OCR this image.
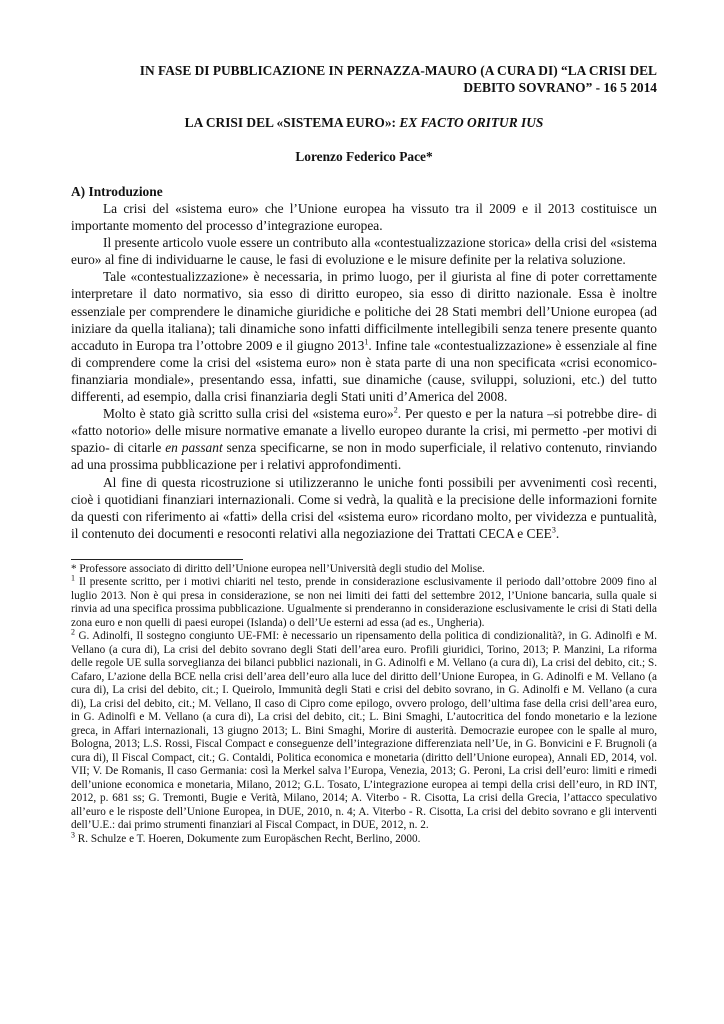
IN FASE DI PUBBLICAZIONE IN PERNAZZA-MAURO (A CURA DI) “LA CRISI DEL
DEBITO SOVRANO” - 16 5 2014

LA CRISI DEL «SISTEMA EURO»: EX FACTO ORITUR IUS

Lorenzo Federico Pace*

A) Introduzione

La crisi del «sistema euro» che l’Unione europea ha vissuto tra il 2009 e il 2013 costituisce un importante momento del processo d’integrazione europea.

Il presente articolo vuole essere un contributo alla «contestualizzazione storica» della crisi del «sistema euro» al fine di individuarne le cause, le fasi di evoluzione e le misure definite per la relativa soluzione.

Tale «contestualizzazione» è necessaria, in primo luogo, per il giurista al fine di poter correttamente interpretare il dato normativo, sia esso di diritto europeo, sia esso di diritto nazionale. Essa è inoltre essenziale per comprendere le dinamiche giuridiche e politiche dei 28 Stati membri dell’Unione europea (ad iniziare da quella italiana); tali dinamiche sono infatti difficilmente intellegibili senza tenere presente quanto accaduto in Europa tra l’ottobre 2009 e il giugno 2013$^1$. Infine tale «contestualizzazione» è essenziale al fine di comprendere come la crisi del «sistema euro» non è stata parte di una non specificata «crisi economico-finanziaria mondiale», presentando essa, infatti, sue dinamiche (cause, sviluppi, soluzioni, etc.) del tutto differenti, ad esempio, dalla crisi finanziaria degli Stati uniti d’America del 2008.

Molto è stato già scritto sulla crisi del «sistema euro»$^2$. Per questo e per la natura –si potrebbe dire- di «fatto notorio» delle misure normative emanate a livello europeo durante la crisi, mi permetto -per motivi di spazio- di citarle en passant senza specificarne, se non in modo superficiale, il relativo contenuto, rinviando ad una prossima pubblicazione per i relativi approfondimenti.

Al fine di questa ricostruzione si utilizzeranno le uniche fonti possibili per avvenimenti così recenti, cioè i quotidiani finanziari internazionali. Come si vedrà, la qualità e la precisione delle informazioni fornite da questi con riferimento ai «fatti» della crisi del «sistema euro» ricordano molto, per vividezza e puntualità, il contenuto dei documenti e resoconti relativi alla negoziazione dei Trattati CECA e CEE$^3$.

* Professore associato di diritto dell’Unione europea nell’Università degli studio del Molise.

$^1$ Il presente scritto, per i motivi chiariti nel testo, prende in considerazione esclusivamente il periodo dall’ottobre 2009 fino al luglio 2013. Non è qui presa in considerazione, se non nei limiti dei fatti del settembre 2012, l’Unione bancaria, sulla quale si rinvia ad una specifica prossima pubblicazione. Ugualmente si prenderanno in considerazione esclusivamente le crisi di Stati della zona euro e non quelli di paesi europei (Islanda) o dell’Ue esterni ad essa (ad es., Ungheria).

$^2$ G. Adinolfi, Il sostegno congiunto UE-FMI: è necessario un ripensamento della politica di condizionalità?, in G. Adinolfi e M. Vellano (a cura di), La crisi del debito sovrano degli Stati dell’area euro. Profili giuridici, Torino, 2013; P. Manzini, La riforma delle regole UE sulla sorveglianza dei bilanci pubblici nazionali, in G. Adinolfi e M. Vellano (a cura di), La crisi del debito, cit.; S. Cafaro, L’azione della BCE nella crisi dell’area dell’euro alla luce del diritto dell’Unione Europea, in G. Adinolfi e M. Vellano (a cura di), La crisi del debito, cit.; I. Queirolo, Immunità degli Stati e crisi del debito sovrano, in G. Adinolfi e M. Vellano (a cura di), La crisi del debito, cit.; M. Vellano, Il caso di Cipro come epilogo, ovvero prologo, dell’ultima fase della crisi dell’area euro, in G. Adinolfi e M. Vellano (a cura di), La crisi del debito, cit.; L. Bini Smaghi, L’autocritica del fondo monetario e la lezione greca, in Affari internazionali, 13 giugno 2013; L. Bini Smaghi, Morire di austerità. Democrazie europee con le spalle al muro, Bologna, 2013; L.S. Rossi, Fiscal Compact e conseguenze dell’integrazione differenziata nell’Ue, in G. Bonvicini e F. Brugnoli (a cura di), Il Fiscal Compact, cit.; G. Contaldi, Politica economica e monetaria (diritto dell’Unione europea), Annali ED, 2014, vol. VII; V. De Romanis, Il caso Germania: così la Merkel salva l’Europa, Venezia, 2013; G. Peroni, La crisi dell’euro: limiti e rimedi dell’unione economica e monetaria, Milano, 2012; G.L. Tosato, L’integrazione europea ai tempi della crisi dell’euro, in RD INT, 2012, p. 681 ss; G. Tremonti, Bugie e Verità, Milano, 2014; A. Viterbo - R. Cisotta, La crisi della Grecia, l’attacco speculativo all’euro e le risposte dell’Unione Europea, in DUE, 2010, n. 4; A. Viterbo - R. Cisotta, La crisi del debito sovrano e gli interventi dell’U.E.: dai primo strumenti finanziari al Fiscal Compact, in DUE, 2012, n. 2.

$^3$ R. Schulze e T. Hoeren, Dokumente zum Europäschen Recht, Berlino, 2000.
